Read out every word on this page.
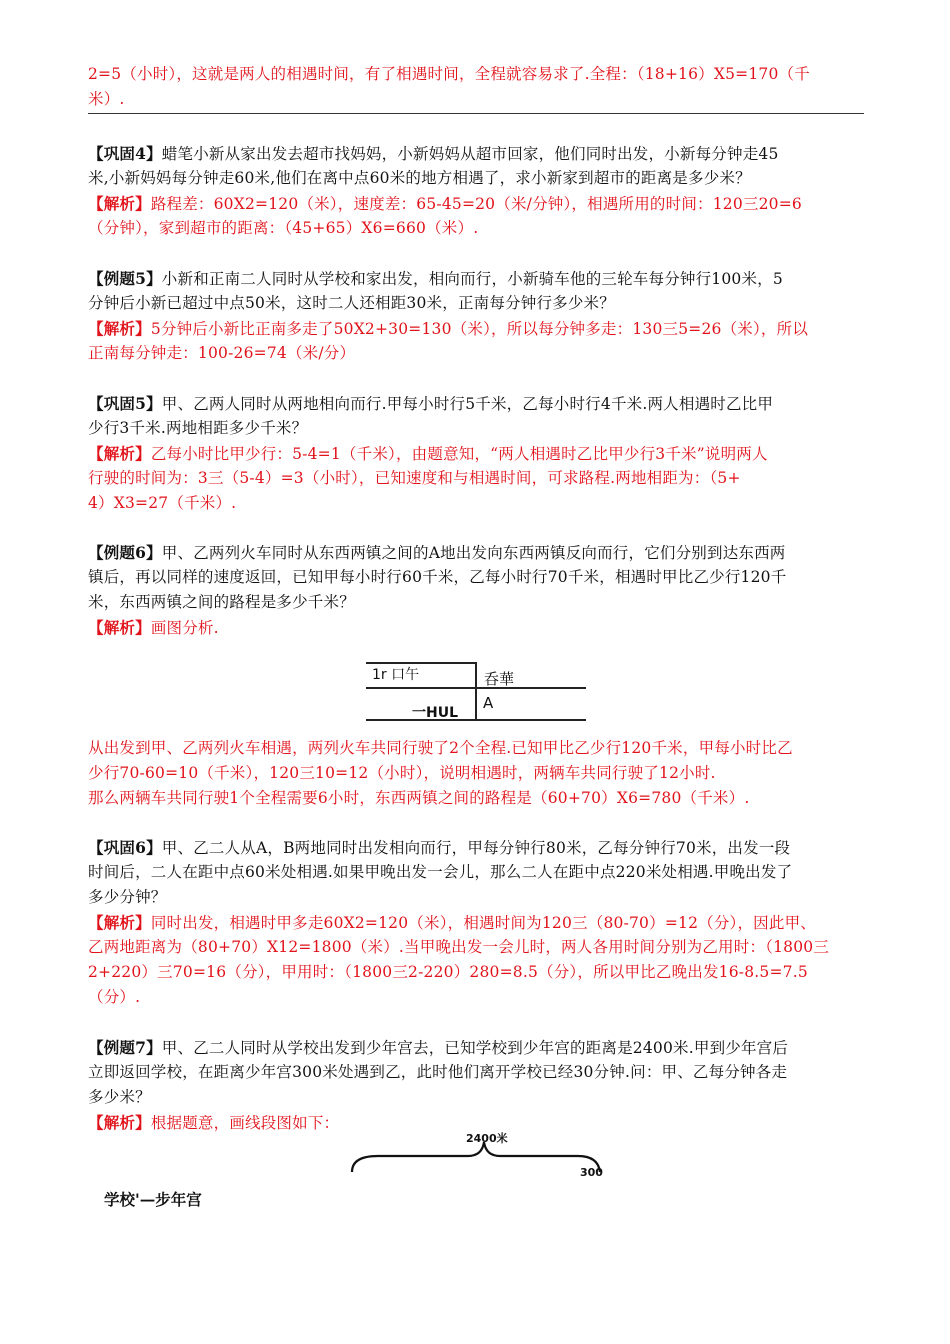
2=5（小时），这就是两人的相遇时间，有了相遇时间，全程就容易求了.全程：（18+16）X5=170（千

米）.

【巩固4】蜡笔小新从家出发去超市找妈妈，小新妈妈从超市回家，他们同时出发，小新每分钟走45

米,小新妈妈每分钟走60米,他们在离中点60米的地方相遇了，求小新家到超市的距离是多少米？

【解析】路程差：60X2=120（米），速度差：65-45=20（米/分钟），相遇所用的时间：120三20=6

（分钟），家到超市的距离：（45+65）X6=660（米）.

【例题5】小新和正南二人同时从学校和家出发，相向而行，小新骑车他的三轮车每分钟行100米，5

分钟后小新已超过中点50米，这时二人还相距30米，正南每分钟行多少米？

【解析】5分钟后小新比正南多走了50X2+30=130（米），所以每分钟多走：130三5=26（米），所以

正南每分钟走：100-26=74（米/分）

【巩固5】甲、乙两人同时从两地相向而行.甲每小时行5千米，乙每小时行4千米.两人相遇时乙比甲

少行3千米.两地相距多少千米？

【解析】乙每小时比甲少行：5-4=1（千米），由题意知，“两人相遇时乙比甲少行3千米”说明两人

行驶的时间为：3三（5-4）=3（小时），已知速度和与相遇时间，可求路程.两地相距为：（5+

4）X3=27（千米）.

【例题6】甲、乙两列火车同时从东西两镇之间的A地出发向东西两镇反向而行，它们分别到达东西两

镇后，再以同样的速度返回，已知甲每小时行60千米，乙每小时行70千米，相遇时甲比乙少行120千

米，东西两镇之间的路程是多少千米？

【解析】画图分析.

1r 口午	呑華
一HUL
A

从出发到甲、乙两列火车相遇，两列火车共同行驶了2个全程.已知甲比乙少行120千米，甲每小时比乙

少行70-60=10（千米），120三10=12（小时），说明相遇时，两辆车共同行驶了12小时.

那么两辆车共同行驶1个全程需要6小时，东西两镇之间的路程是（60+70）X6=780（千米）.

【巩固6】甲、乙二人从A，B两地同时出发相向而行，甲每分钟行80米，乙每分钟行70米，出发一段

时间后，二人在距中点60米处相遇.如果甲晚出发一会儿，那么二人在距中点220米处相遇.甲晚出发了

多少分钟？

【解析】同时出发，相遇时甲多走60X2=120（米），相遇时间为120三（80-70）=12（分），因此甲、

乙两地距离为（80+70）X12=1800（米）.当甲晚出发一会儿时，两人各用时间分别为乙用时：（1800三

2+220）三70=16（分），甲用时：（1800三2-220）280=8.5（分），所以甲比乙晚出发16-8.5=7.5

（分）.

【例题7】甲、乙二人同时从学校出发到少年宫去，已知学校到少年宫的距离是2400米.甲到少年宫后

立即返回学校，在距离少年宫300米处遇到乙，此时他们离开学校已经30分钟.问：甲、乙每分钟各走

多少米？

【解析】根据题意，画线段图如下：

2400米
300
学校'—步年宫
